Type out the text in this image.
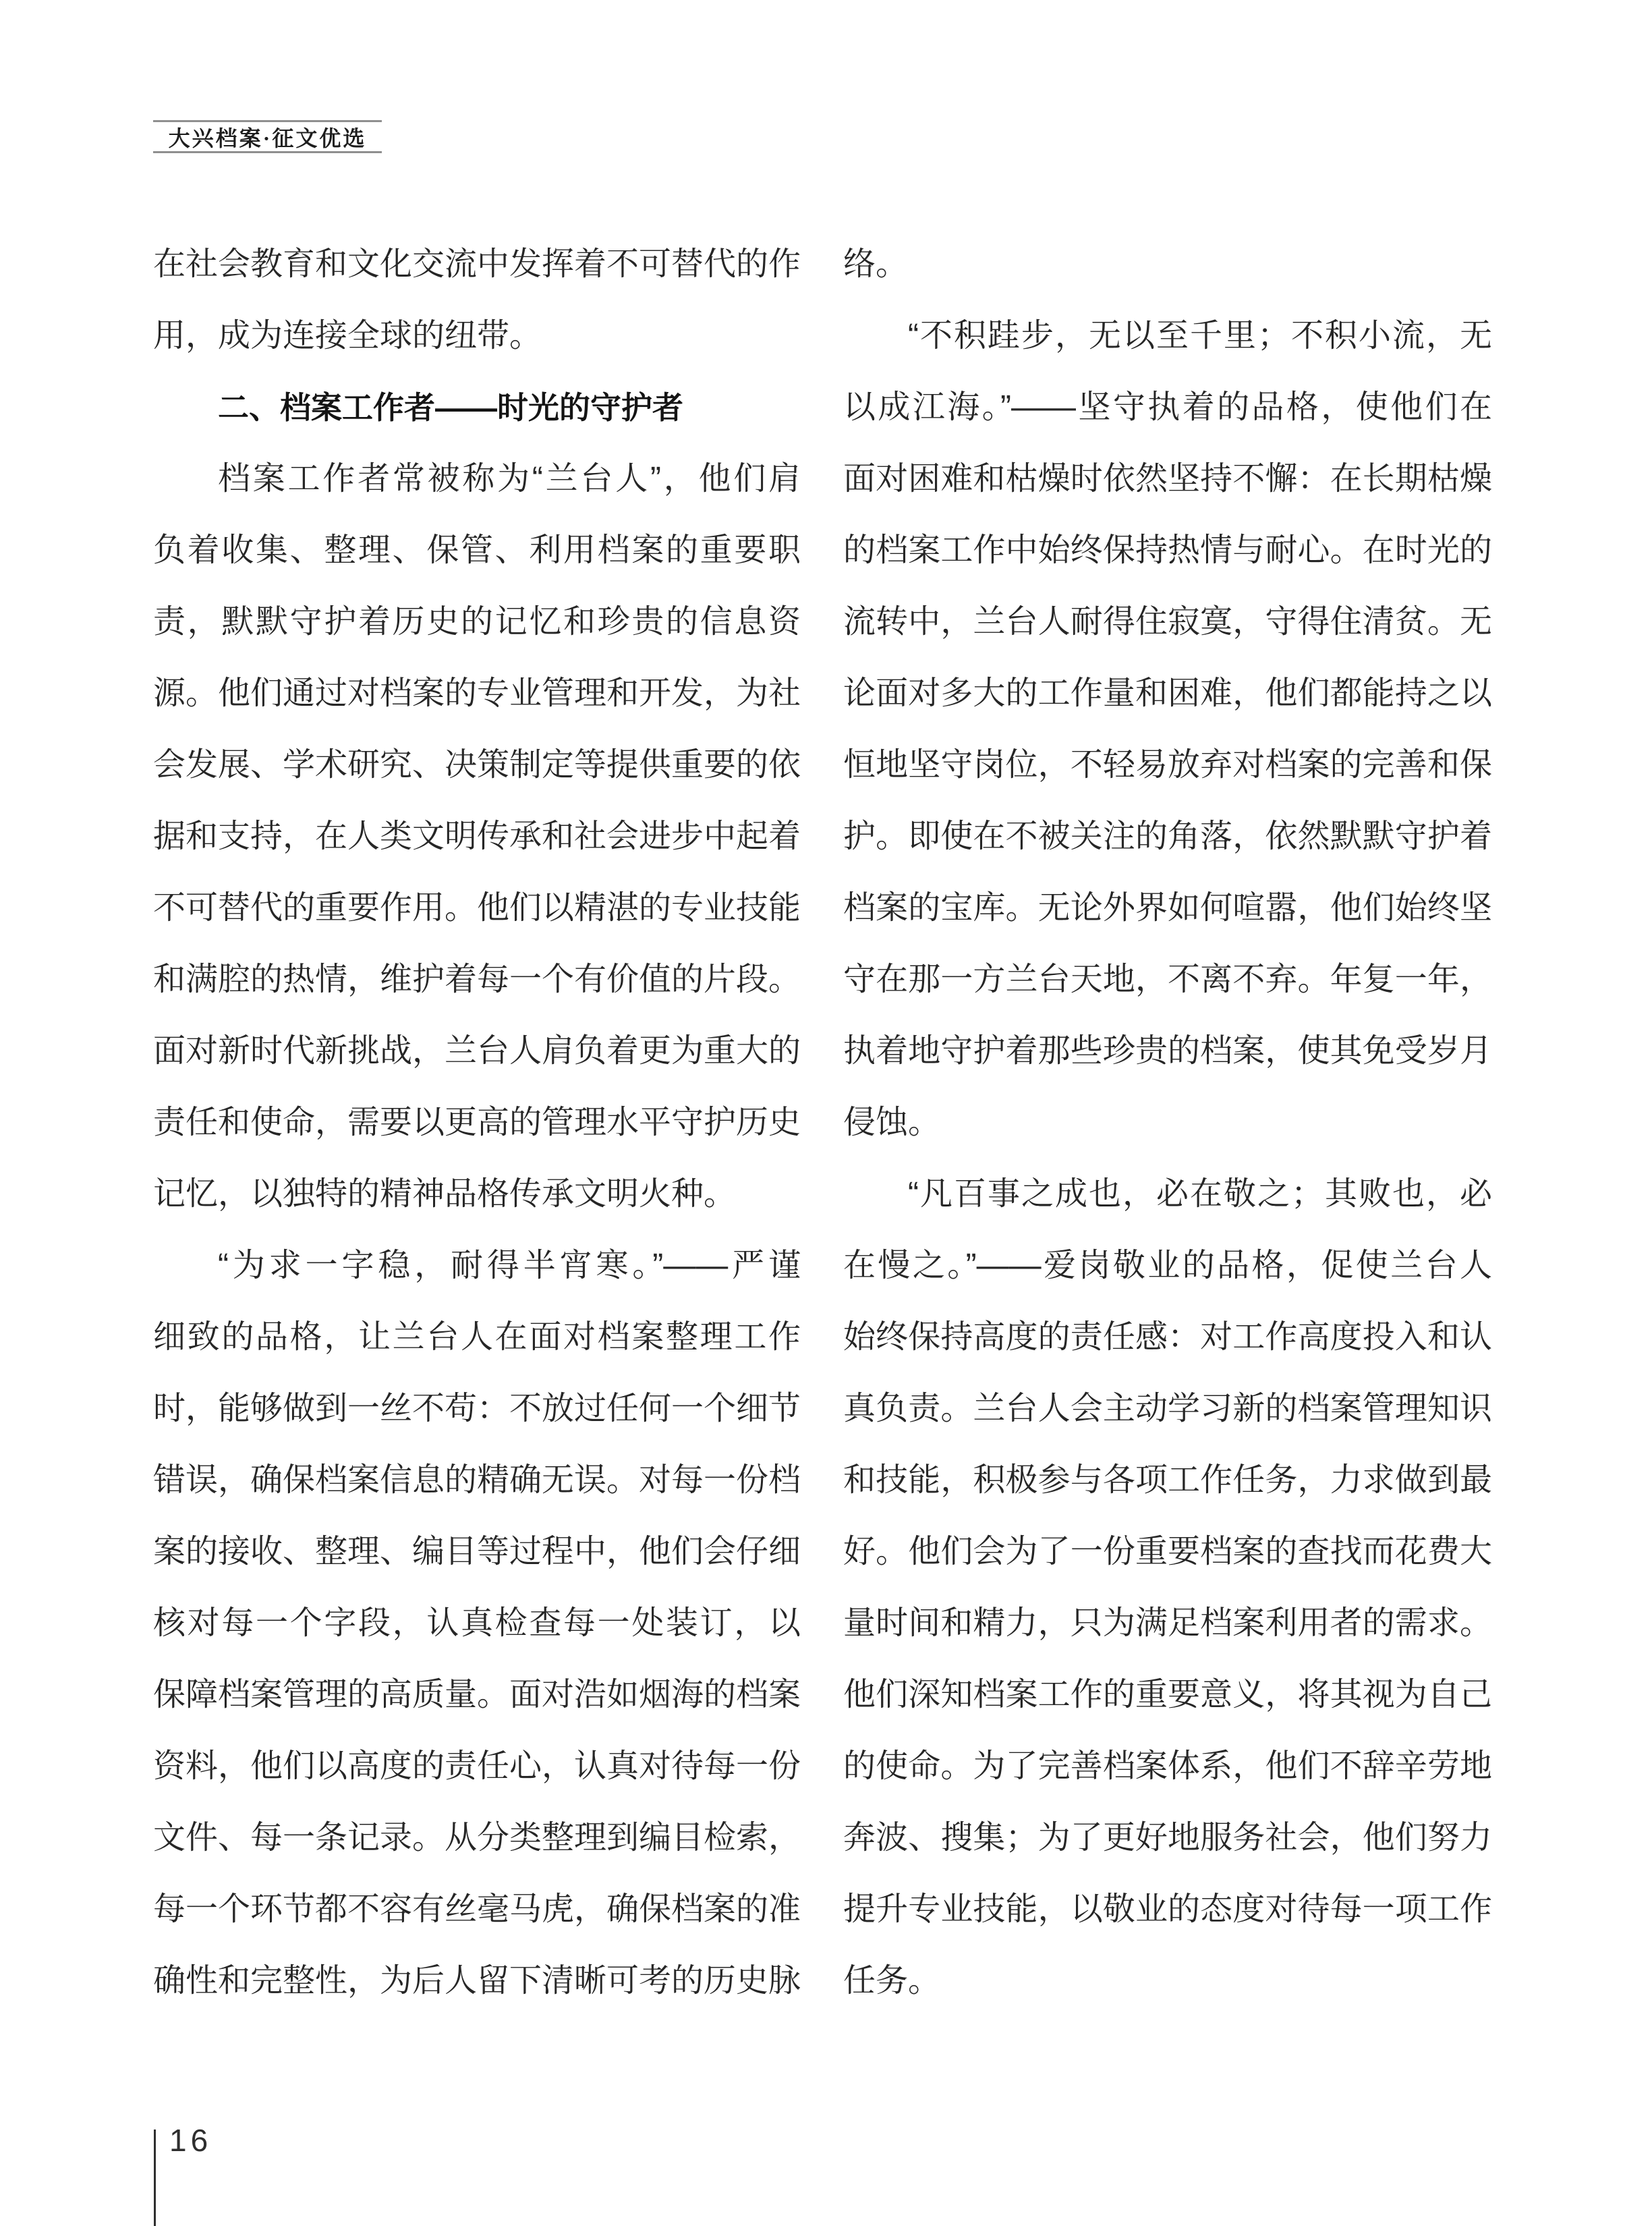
大兴档案·征文优选
在社会教育和文化交流中发挥着不可替代的作
用，成为连接全球的纽带。
二、档案工作者——时光的守护者
档案工作者常被称为“兰台人”，他们肩
负着收集、整理、保管、利用档案的重要职
责，默默守护着历史的记忆和珍贵的信息资
源。他们通过对档案的专业管理和开发，为社
会发展、学术研究、决策制定等提供重要的依
据和支持，在人类文明传承和社会进步中起着
不可替代的重要作用。他们以精湛的专业技能
和满腔的热情，维护着每一个有价值的片段。
面对新时代新挑战，兰台人肩负着更为重大的
责任和使命，需要以更高的管理水平守护历史
记忆，以独特的精神品格传承文明火种。
“为求一字稳，耐得半宵寒。”——严谨
细致的品格，让兰台人在面对档案整理工作
时，能够做到一丝不苟：不放过任何一个细节
错误，确保档案信息的精确无误。对每一份档
案的接收、整理、编目等过程中，他们会仔细
核对每一个字段，认真检查每一处装订，以
保障档案管理的高质量。面对浩如烟海的档案
资料，他们以高度的责任心，认真对待每一份
文件、每一条记录。从分类整理到编目检索，
每一个环节都不容有丝毫马虎，确保档案的准
确性和完整性，为后人留下清晰可考的历史脉
络。
“不积跬步，无以至千里；不积小流，无
以成江海。”——坚守执着的品格，使他们在
面对困难和枯燥时依然坚持不懈：在长期枯燥
的档案工作中始终保持热情与耐心。在时光的
流转中，兰台人耐得住寂寞，守得住清贫。无
论面对多大的工作量和困难，他们都能持之以
恒地坚守岗位，不轻易放弃对档案的完善和保
护。即使在不被关注的角落，依然默默守护着
档案的宝库。无论外界如何喧嚣，他们始终坚
守在那一方兰台天地，不离不弃。年复一年，
执着地守护着那些珍贵的档案，使其免受岁月
侵蚀。
“凡百事之成也，必在敬之；其败也，必
在慢之。”——爱岗敬业的品格，促使兰台人
始终保持高度的责任感：对工作高度投入和认
真负责。兰台人会主动学习新的档案管理知识
和技能，积极参与各项工作任务，力求做到最
好。他们会为了一份重要档案的查找而花费大
量时间和精力，只为满足档案利用者的需求。
他们深知档案工作的重要意义，将其视为自己
的使命。为了完善档案体系，他们不辞辛劳地
奔波、搜集；为了更好地服务社会，他们努力
提升专业技能，以敬业的态度对待每一项工作
任务。
16
